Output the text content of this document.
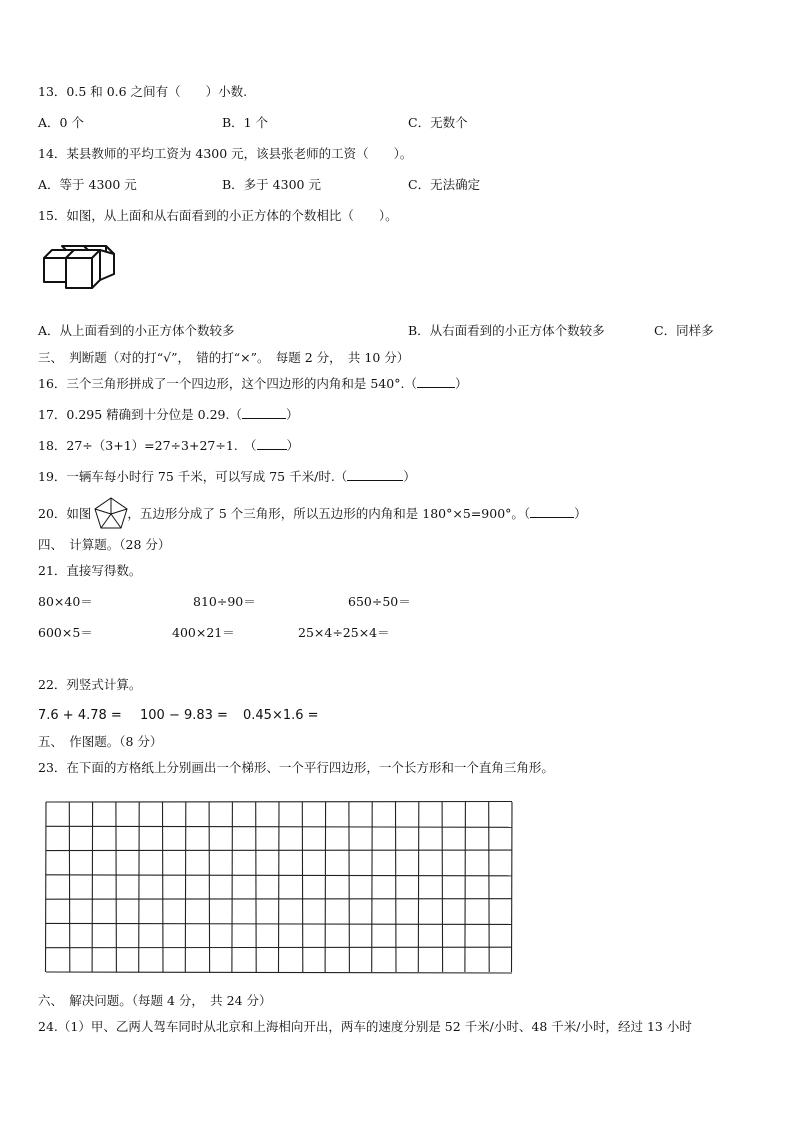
13．0.5 和 0.6 之间有（　　）小数.
A．0 个	B．1 个	C．无数个
14．某县教师的平均工资为 4300 元，该县张老师的工资（　　）。
A．等于 4300 元	B．多于 4300 元	C．无法确定
15．如图，从上面和从右面看到的小正方体的个数相比（　　）。
A．从上面看到的小正方体个数较多	B．从右面看到的小正方体个数较多	C．同样多
三、　判断题（对的打“√”，　错的打“×”。　每题 2 分，　共 10 分）
16．三个三角形拼成了一个四边形，这个四边形的内角和是 540°.（	）
17．0.295 精确到十分位是 0.29.（	）
18．27÷（3+1）=27÷3+27÷1.　（ ）
19．一辆车每小时行 75 千米，可以写成 75 千米/时.（	）
20．如图	，五边形分成了 5 个三角形，所以五边形的内角和是 180°×5=900°。（	）
四、　计算题。（28 分）
21．直接写得数。
80×40＝	810÷90＝	650÷50＝
600×5＝	400×21＝	25×4÷25×4＝
22．列竖式计算。
7.6 + 4.78 = 100 − 9.83 = 0.45×1.6 =
五、　作图题。（8 分）
23．在下面的方格纸上分别画出一个梯形、一个平行四边形，一个长方形和一个直角三角形。
六、　解决问题。（每题 4 分，　共 24 分）
24.（1）甲、乙两人驾车同时从北京和上海相向开出，两车的速度分别是 52 千米/小时、48 千米/小时，经过 13 小时
